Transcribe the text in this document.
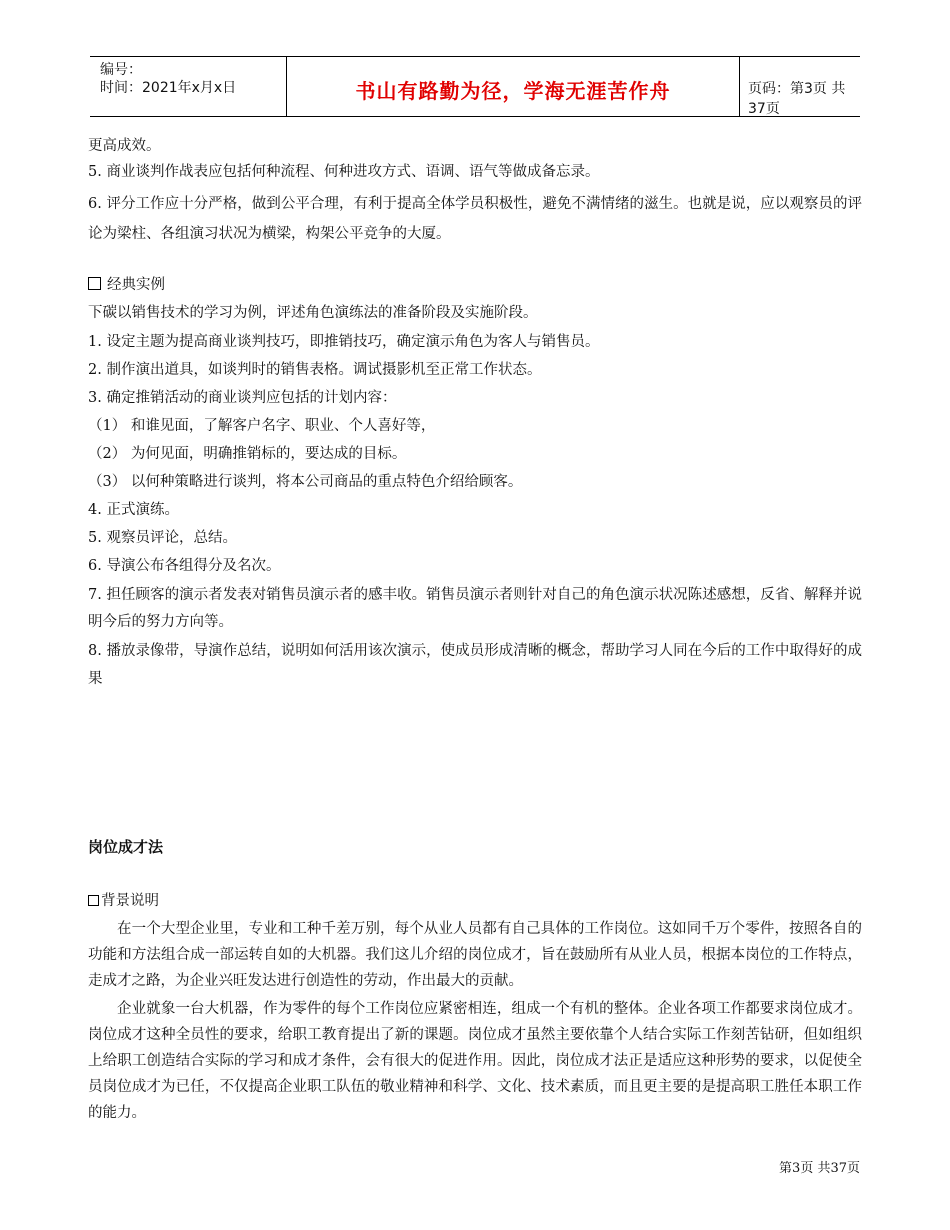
编号：
时间：2021年x月x日	书山有路勤为径，学海无涯苦作舟	页码：第3页 共37页
更高成效。
5. 商业谈判作战表应包括何种流程、何种进攻方式、语调、语气等做成备忘录。
6. 评分工作应十分严格，做到公平合理，有利于提高全体学员积极性，避免不满情绪的滋生。也就是说，应以观察员的评论为梁柱、各组演习状况为横梁，构架公平竞争的大厦。
经典实例
下碳以销售技术的学习为例，评述角色演练法的准备阶段及实施阶段。
1. 设定主题为提高商业谈判技巧，即推销技巧，确定演示角色为客人与销售员。
2. 制作演出道具，如谈判时的销售表格。调试摄影机至正常工作状态。
3. 确定推销活动的商业谈判应包括的计划内容：
（1） 和谁见面，了解客户名字、职业、个人喜好等，
（2） 为何见面，明确推销标的，要达成的目标。
（3） 以何种策略进行谈判，将本公司商品的重点特色介绍给顾客。
4. 正式演练。
5. 观察员评论，总结。
6. 导演公布各组得分及名次。
7. 担任顾客的演示者发表对销售员演示者的感丰收。销售员演示者则针对自己的角色演示状况陈述感想，反省、解释并说明今后的努力方向等。
8. 播放录像带，导演作总结，说明如何活用该次演示，使成员形成清晰的概念，帮助学习人同在今后的工作中取得好的成果
岗位成才法
背景说明
在一个大型企业里，专业和工种千差万别，每个从业人员都有自己具体的工作岗位。这如同千万个零件，按照各自的功能和方法组合成一部运转自如的大机器。我们这儿介绍的岗位成才，旨在鼓励所有从业人员，根据本岗位的工作特点，走成才之路，为企业兴旺发达进行创造性的劳动，作出最大的贡献。
企业就象一台大机器，作为零件的每个工作岗位应紧密相连，组成一个有机的整体。企业各项工作都要求岗位成才。岗位成才这种全员性的要求，给职工教育提出了新的课题。岗位成才虽然主要依靠个人结合实际工作刻苦钻研，但如组织上给职工创造结合实际的学习和成才条件，会有很大的促进作用。因此，岗位成才法正是适应这种形势的要求，以促使全员岗位成才为已任，不仅提高企业职工队伍的敬业精神和科学、文化、技术素质，而且更主要的是提高职工胜任本职工作的能力。
第3页 共37页
